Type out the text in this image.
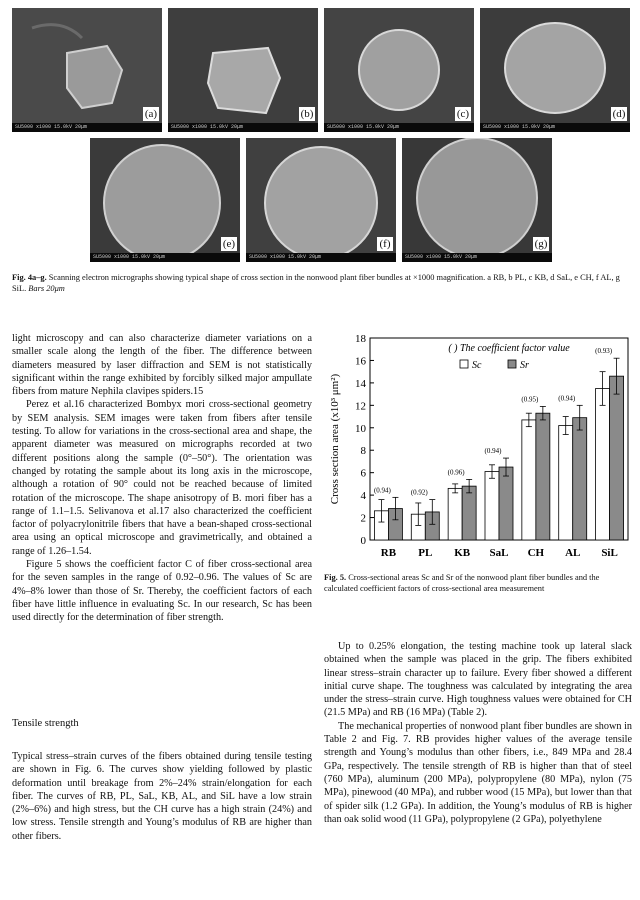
SU5000 x1000 15.0kV 20μm
(a)
SU5000 x1000 15.0kV 20μm
(b)
SU5000 x1000 15.0kV 20μm
(c)
SU5000 x1000 15.0kV 20μm
(d)
SU5000 x1000 15.0kV 20μm
(e)
SU5000 x1000 15.0kV 20μm
(f)
SU5000 x1000 15.0kV 20μm
(g)
Fig. 4a–g. Scanning electron micrographs showing typical shape of cross section in the nonwood plant fiber bundles at ×1000 magnification. a RB, b PL, c KB, d SaL, e CH, f AL, g SiL. Bars 20μm

light microscopy and can also characterize diameter variations on a smaller scale along the length of the fiber. The difference between diameters measured by laser diffraction and SEM is not statistically significant within the range exhibited by forcibly silked major ampullate fibers from mature Nephila clavipes spiders.15

Perez et al.16 characterized Bombyx mori cross-sectional geometry by SEM analysis. SEM images were taken from fibers after tensile testing. To allow for variations in the cross-sectional area and shape, the apparent diameter was measured on micrographs recorded at two different positions along the sample (0°–50°). The orientation was changed by rotating the sample about its long axis in the microscope, although a rotation of 90° could not be reached because of limited rotation of the microscope. The shape anisotropy of B. mori fiber has a range of 1.1–1.5. Selivanova et al.17 also characterized the coefficient factor of polyacrylonitrile fibers that have a bean-shaped cross-sectional area using an optical microscope and gravimetrically, and obtained a range of 1.26–1.54.

Figure 5 shows the coefficient factor C of fiber cross-sectional area for the seven samples in the range of 0.92–0.96. The values of Sc are 4%–8% lower than those of Sr. Thereby, the coefficient factors of each fiber have little influence in evaluating Sc. In our research, Sc has been used directly for the determination of fiber strength.

Tensile strength

Typical stress–strain curves of the fibers obtained during tensile testing are shown in Fig. 6. The curves show yielding followed by plastic deformation until breakage from 2%–24% strain/elongation for each fiber. The curves of RB, PL, SaL, KB, AL, and SiL have a low strain (2%–6%) and high stress, but the CH curve has a high strain (24%) and low stress. Tensile strength and Young’s modulus of RB are higher than other fibers.

0
2
4
6
8
10
12
14
16
18
Cross section area (x10³ μm²)
( ) The coefficient factor value
Sc	Sr
(0.94)
RB
(0.92)
PL
(0.96)
KB
(0.94)
SaL
(0.95)
CH
(0.94)
AL
(0.93)
SiL
Fig. 5. Cross-sectional areas Sc and Sr of the nonwood plant fiber bundles and the calculated coefficient factors of cross-sectional area measurement

Up to 0.25% elongation, the testing machine took up lateral slack obtained when the sample was placed in the grip. The fibers exhibited linear stress–strain character up to failure. Every fiber showed a different initial curve shape. The toughness was calculated by integrating the area under the stress–strain curve. High toughness values were obtained for CH (21.5 MPa) and RB (16 MPa) (Table 2).

The mechanical properties of nonwood plant fiber bundles are shown in Table 2 and Fig. 7. RB provides higher values of the average tensile strength and Young’s modulus than other fibers, i.e., 849 MPa and 28.4 GPa, respectively. The tensile strength of RB is higher than that of steel (760 MPa), aluminum (200 MPa), polypropylene (80 MPa), nylon (75 MPa), pinewood (40 MPa), and rubber wood (15 MPa), but lower than that of spider silk (1.2 GPa). In addition, the Young’s modulus of RB is higher than oak solid wood (11 GPa), polypropylene (2 GPa), polyethylene
